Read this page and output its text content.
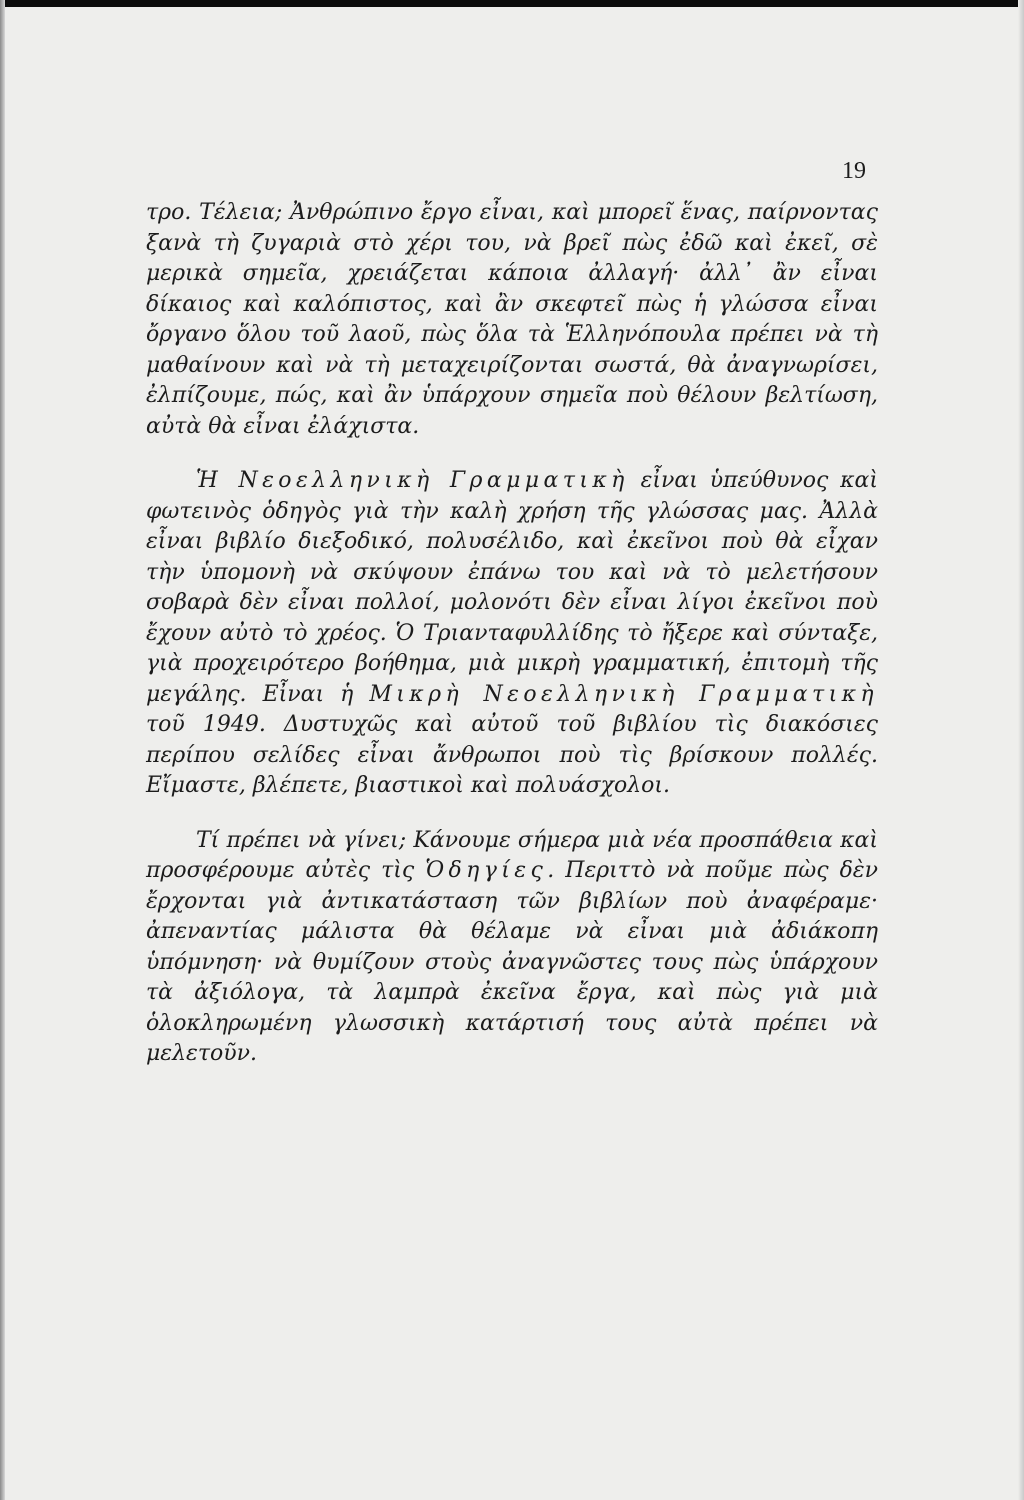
19

τρο. Τέλεια; Ἀνθρώπινο ἔργο εἶναι, καὶ μπορεῖ ἕνας, παίρνοντας ξανὰ τὴ ζυγαριὰ στὸ χέρι του, νὰ βρεῖ πὼς ἐδῶ καὶ ἐκεῖ, σὲ μερικὰ σημεῖα, χρειάζεται κάποια ἀλλαγή· ἀλλ᾿ ἂν εἶναι δίκαιος καὶ καλόπιστος, καὶ ἂν σκεφτεῖ πὼς ἡ γλώσσα εἶναι ὄργανο ὅλου τοῦ λαοῦ, πὼς ὅλα τὰ Ἑλληνόπουλα πρέπει νὰ τὴ μαθαίνουν καὶ νὰ τὴ μεταχειρίζονται σωστά, θὰ ἀναγνωρίσει, ἐλπίζουμε, πώς, καὶ ἂν ὑπάρχουν σημεῖα ποὺ θέλουν βελτίωση, αὐτὰ θὰ εἶναι ἐλάχιστα.

Ἡ Νεοελληνικὴ Γραμματικὴ εἶναι ὑπεύθυνος καὶ φωτεινὸς ὁδηγὸς γιὰ τὴν καλὴ χρήση τῆς γλώσσας μας. Ἀλλὰ εἶναι βιβλίο διεξοδικό, πολυσέλιδο, καὶ ἐκεῖνοι ποὺ θὰ εἶχαν τὴν ὑπομονὴ νὰ σκύψουν ἐπάνω του καὶ νὰ τὸ μελετήσουν σοβαρὰ δὲν εἶναι πολλοί, μολονότι δὲν εἶναι λίγοι ἐκεῖνοι ποὺ ἔχουν αὐτὸ τὸ χρέος. Ὁ Τριανταφυλλίδης τὸ ἤξερε καὶ σύνταξε, γιὰ προχειρότερο βοήθημα, μιὰ μικρὴ γραμματική, ἐπιτομὴ τῆς μεγάλης. Εἶναι ἡ Μικρὴ Νεοελληνικὴ Γραμματικὴ τοῦ 1949. Δυστυχῶς καὶ αὐτοῦ τοῦ βιβλίου τὶς διακόσιες περίπου σελίδες εἶναι ἄνθρωποι ποὺ τὶς βρίσκουν πολλές. Εἴμαστε, βλέπετε, βιαστικοὶ καὶ πολυάσχολοι.

Τί πρέπει νὰ γίνει; Κάνουμε σήμερα μιὰ νέα προσπάθεια καὶ προσφέρουμε αὐτὲς τὶς Ὁδηγίες. Περιττὸ νὰ ποῦμε πὼς δὲν ἔρχονται γιὰ ἀντικατάσταση τῶν βιβλίων ποὺ ἀναφέραμε· ἀπεναντίας μάλιστα θὰ θέλαμε νὰ εἶναι μιὰ ἀδιάκοπη ὑπόμνηση· νὰ θυμίζουν στοὺς ἀναγνῶστες τους πὼς ὑπάρχουν τὰ ἀξιόλογα, τὰ λαμπρὰ ἐκεῖνα ἔργα, καὶ πὼς γιὰ μιὰ ὁλοκληρωμένη γλωσσικὴ κατάρτισή τους αὐτὰ πρέπει νὰ μελετοῦν.
